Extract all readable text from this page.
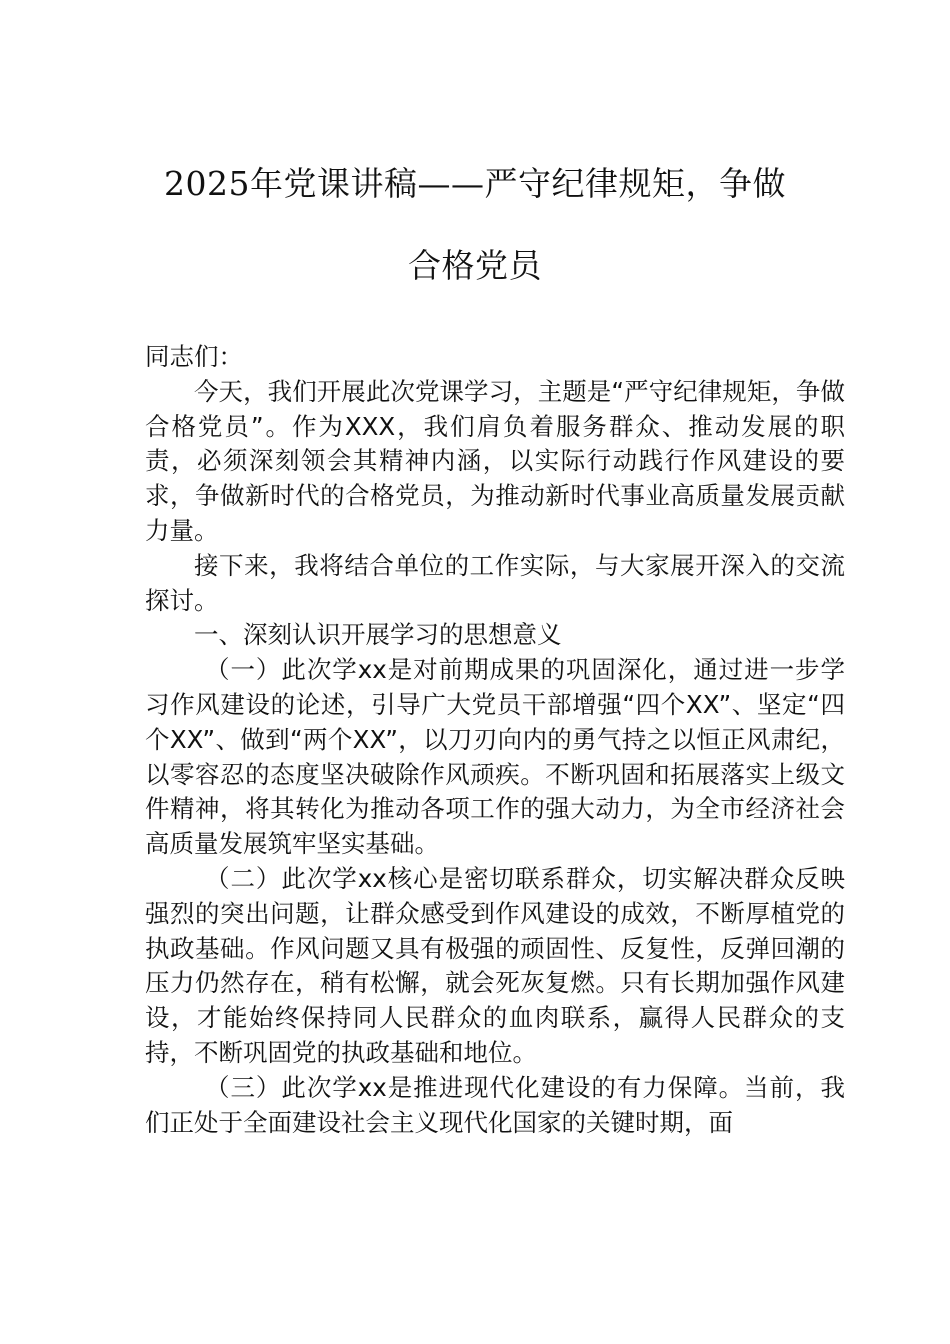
2025年党课讲稿——严守纪律规矩，争做
合格党员

同志们：

今天，我们开展此次党课学习，主题是“严守纪律规矩，争做合格党员”。作为XXX，我们肩负着服务群众、推动发展的职责，必须深刻领会其精神内涵，以实际行动践行作风建设的要求，争做新时代的合格党员，为推动新时代事业高质量发展贡献力量。

接下来，我将结合单位的工作实际，与大家展开深入的交流探讨。

一、深刻认识开展学习的思想意义

（一）此次学xx是对前期成果的巩固深化，通过进一步学习作风建设的论述，引导广大党员干部增强“四个XX”、坚定“四个XX”、做到“两个XX”，以刀刃向内的勇气持之以恒正风肃纪，以零容忍的态度坚决破除作风顽疾。不断巩固和拓展落实上级文件精神，将其转化为推动各项工作的强大动力，为全市经济社会高质量发展筑牢坚实基础。

（二）此次学xx核心是密切联系群众，切实解决群众反映强烈的突出问题，让群众感受到作风建设的成效，不断厚植党的执政基础。作风问题又具有极强的顽固性、反复性，反弹回潮的压力仍然存在，稍有松懈，就会死灰复燃。只有长期加强作风建设，才能始终保持同人民群众的血肉联系，赢得人民群众的支持，不断巩固党的执政基础和地位。

（三）此次学xx是推进现代化建设的有力保障。当前，我们正处于全面建设社会主义现代化国家的关键时期，面
